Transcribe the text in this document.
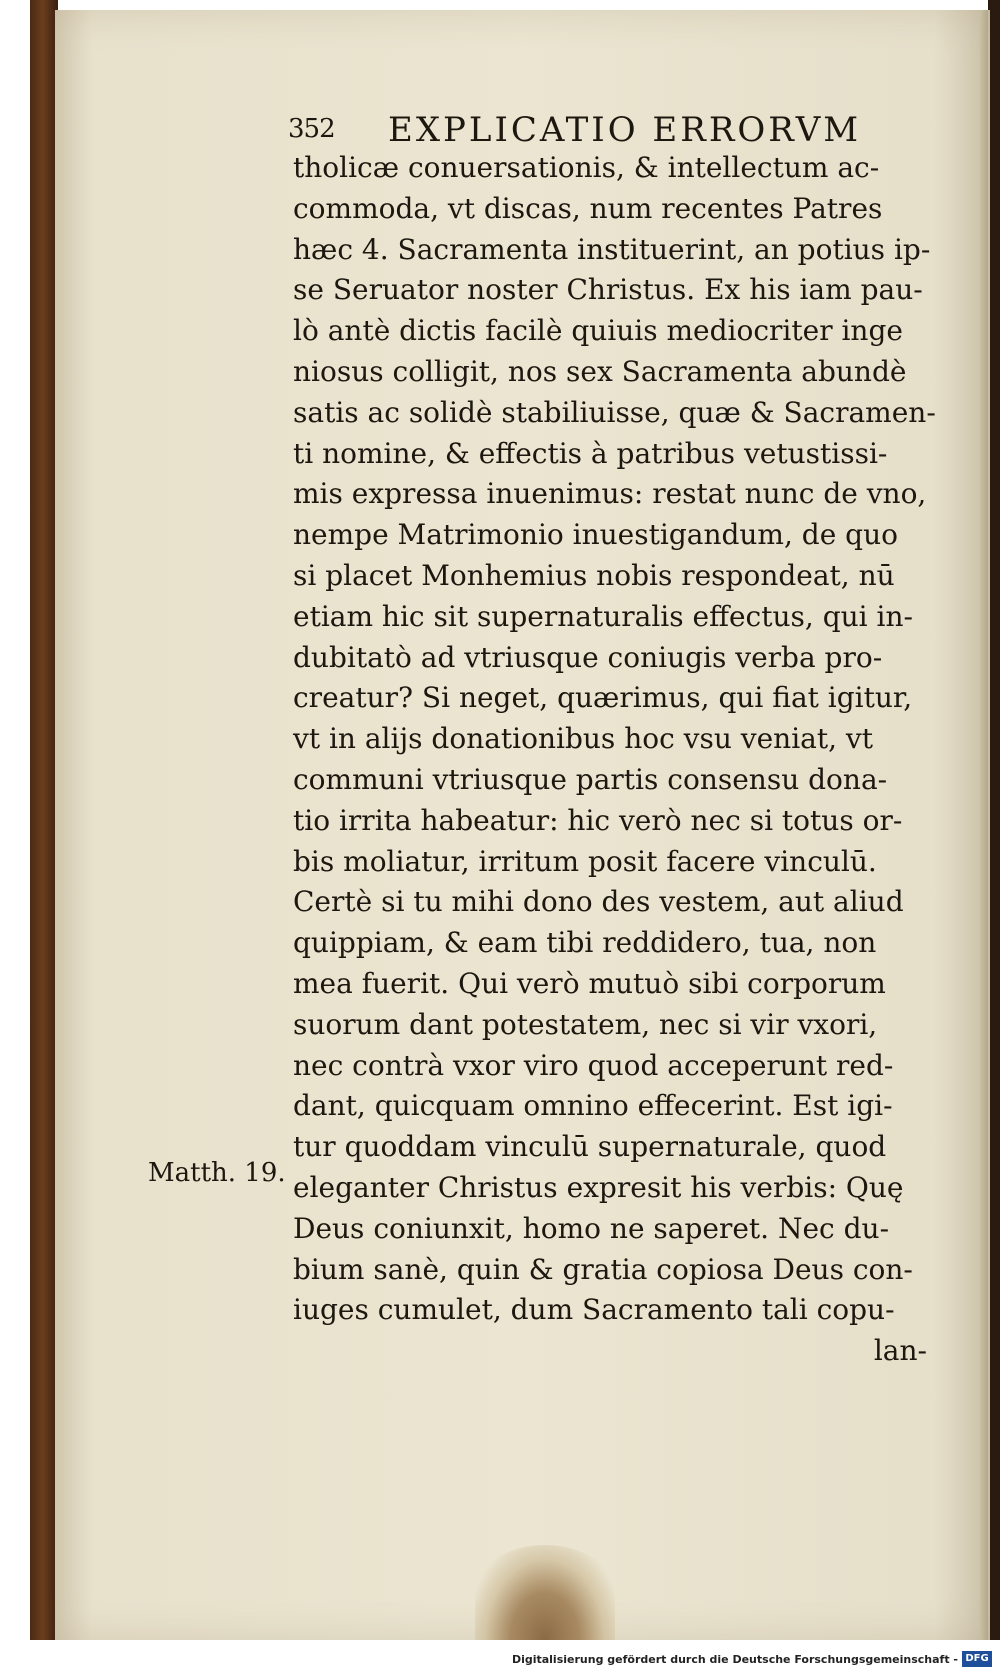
352 EXPLICATIO ERRORVM
tholicæ conuersationis, & intellectum ac-
commoda, vt discas, num recentes Patres
hæc 4. Sacramenta instituerint, an potius ip-
se Seruator noster Christus. Ex his iam pau-
lò antè dictis facilè quiuis mediocriter inge
niosus colligit, nos sex Sacramenta abundè
satis ac solidè stabiliuisse, quæ & Sacramen-
ti nomine, & effectis à patribus vetustissi-
mis expressa inuenimus: restat nunc de vno,
nempe Matrimonio inuestigandum, de quo
si placet Monhemius nobis respondeat, nū
etiam hic sit supernaturalis effectus, qui in-
dubitatò ad vtriusque coniugis verba pro-
creatur? Si neget, quærimus, qui fiat igitur,
vt in alijs donationibus hoc vsu veniat, vt
communi vtriusque partis consensu dona-
tio irrita habeatur: hic verò nec si totus or-
bis moliatur, irritum posit facere vinculū.
Certè si tu mihi dono des vestem, aut aliud
quippiam, & eam tibi reddidero, tua, non
mea fuerit. Qui verò mutuò sibi corporum
suorum dant potestatem, nec si vir vxori,
nec contrà vxor viro quod acceperunt red-
dant, quicquam omnino effecerint. Est igi-
tur quoddam vinculū supernaturale, quod
eleganter Christus expresit his verbis: Quę
Deus coniunxit, homo ne saperet. Nec du-
bium sanè, quin & gratia copiosa Deus con-
iuges cumulet, dum Sacramento tali copu-
lan-
Matth. 19.
Digitalisierung gefördert durch die Deutsche Forschungsgemeinschaft - DFG
